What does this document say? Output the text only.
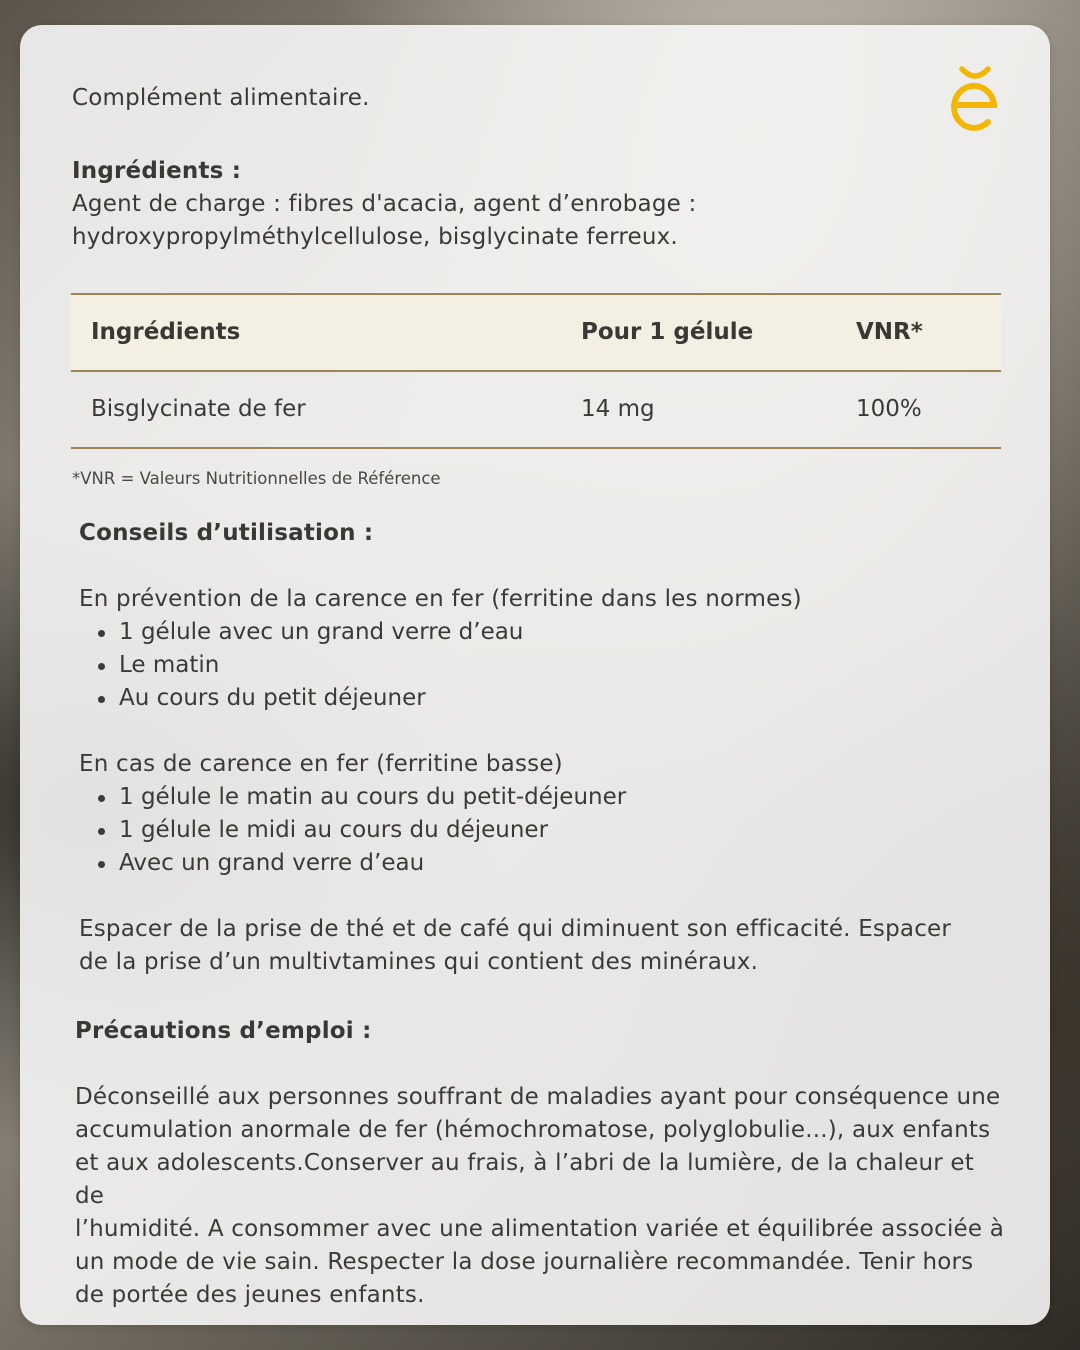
Complément alimentaire.
Ingrédients :
Agent de charge : fibres d'acacia, agent d’enrobage :
hydroxypropylméthylcellulose, bisglycinate ferreux.
Ingrédients	Pour 1 gélule	VNR*
Bisglycinate de fer	14 mg	100%
*VNR = Valeurs Nutritionnelles de Référence
Conseils d’utilisation :
En prévention de la carence en fer (ferritine dans les normes)
1 gélule avec un grand verre d’eau
Le matin
Au cours du petit déjeuner
En cas de carence en fer (ferritine basse)
1 gélule le matin au cours du petit-déjeuner
1 gélule le midi au cours du déjeuner
Avec un grand verre d’eau
Espacer de la prise de thé et de café qui diminuent son efficacité. Espacer
de la prise d’un multivtamines qui contient des minéraux.
Précautions d’emploi :
Déconseillé aux personnes souffrant de maladies ayant pour conséquence une
accumulation anormale de fer (hémochromatose, polyglobulie...), aux enfants
et aux adolescents.Conserver au frais, à l’abri de la lumière, de la chaleur et de
l’humidité. A consommer avec une alimentation variée et équilibrée associée à
un mode de vie sain. Respecter la dose journalière recommandée. Tenir hors
de portée des jeunes enfants.
